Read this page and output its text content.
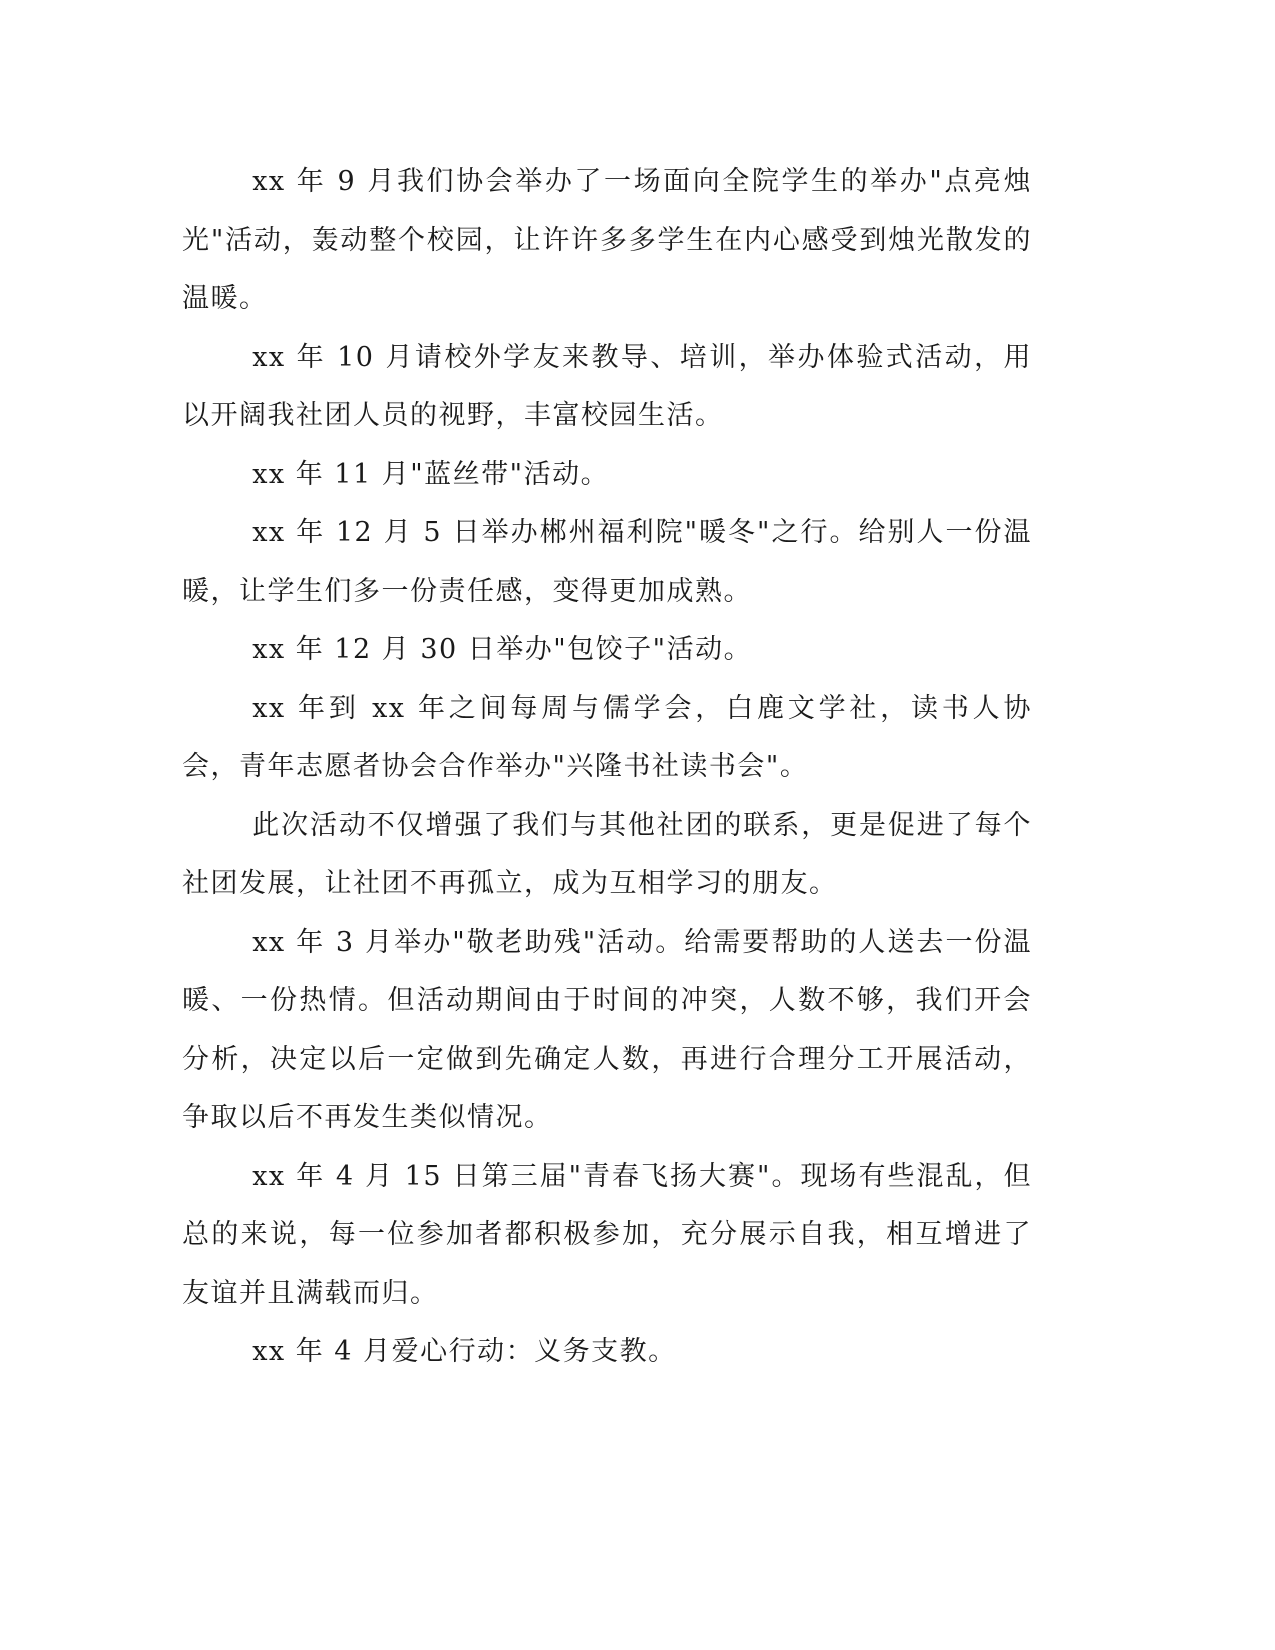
xx 年 9 月我们协会举办了一场面向全院学生的举办"点亮烛光"活动，轰动整个校园，让许许多多学生在内心感受到烛光散发的温暖。

xx 年 10 月请校外学友来教导、培训，举办体验式活动，用以开阔我社团人员的视野，丰富校园生活。

xx 年 11 月"蓝丝带"活动。

xx 年 12 月 5 日举办郴州福利院"暖冬"之行。给别人一份温暖，让学生们多一份责任感，变得更加成熟。

xx 年 12 月 30 日举办"包饺子"活动。

xx 年到 xx 年之间每周与儒学会，白鹿文学社，读书人协会，青年志愿者协会合作举办"兴隆书社读书会"。

此次活动不仅增强了我们与其他社团的联系，更是促进了每个社团发展，让社团不再孤立，成为互相学习的朋友。

xx 年 3 月举办"敬老助残"活动。给需要帮助的人送去一份温暖、一份热情。但活动期间由于时间的冲突，人数不够，我们开会分析，决定以后一定做到先确定人数，再进行合理分工开展活动，争取以后不再发生类似情况。

xx 年 4 月 15 日第三届"青春飞扬大赛"。现场有些混乱，但总的来说，每一位参加者都积极参加，充分展示自我，相互增进了友谊并且满载而归。

xx 年 4 月爱心行动：义务支教。
